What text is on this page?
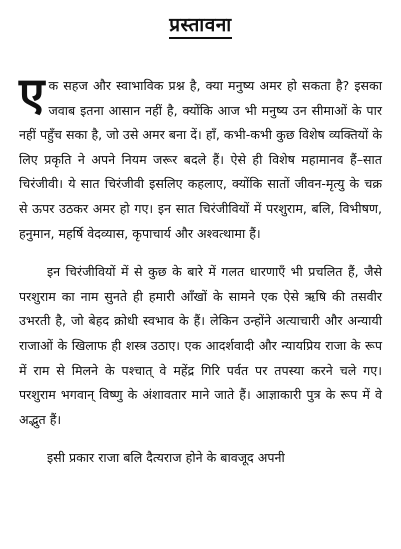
प्रस्तावना

एक सहज और स्वाभाविक प्रश्न है, क्या मनुष्य अमर हो सकता है? इसका जवाब इतना आसान नहीं है, क्योंकि आज भी मनुष्य उन सीमाओं के पार नहीं पहुँच सका है, जो उसे अमर बना दें। हाँ, कभी-कभी कुछ विशेष व्यक्तियों के लिए प्रकृति ने अपने नियम जरूर बदले हैं। ऐसे ही विशेष महामानव हैं–सात चिरंजीवी। ये सात चिरंजीवी इसलिए कहलाए, क्योंकि सातों जीवन-मृत्यु के चक्र से ऊपर उठकर अमर हो गए। इन सात चिरंजीवियों में परशुराम, बलि, विभीषण, हनुमान, महर्षि वेदव्यास, कृपाचार्य और अश्वत्थामा हैं।

इन चिरंजीवियों में से कुछ के बारे में गलत धारणाएँ भी प्रचलित हैं, जैसे परशुराम का नाम सुनते ही हमारी आँखों के सामने एक ऐसे ऋषि की तसवीर उभरती है, जो बेहद क्रोधी स्वभाव के हैं। लेकिन उन्होंने अत्याचारी और अन्यायी राजाओं के खिलाफ ही शस्त्र उठाए। एक आदर्शवादी और न्यायप्रिय राजा के रूप में राम से मिलने के पश्चात् वे महेंद्र गिरि पर्वत पर तपस्या करने चले गए। परशुराम भगवान् विष्णु के अंशावतार माने जाते हैं। आज्ञाकारी पुत्र के रूप में वे अद्भुत हैं।

इसी प्रकार राजा बलि दैत्यराज होने के बावजूद अपनी
